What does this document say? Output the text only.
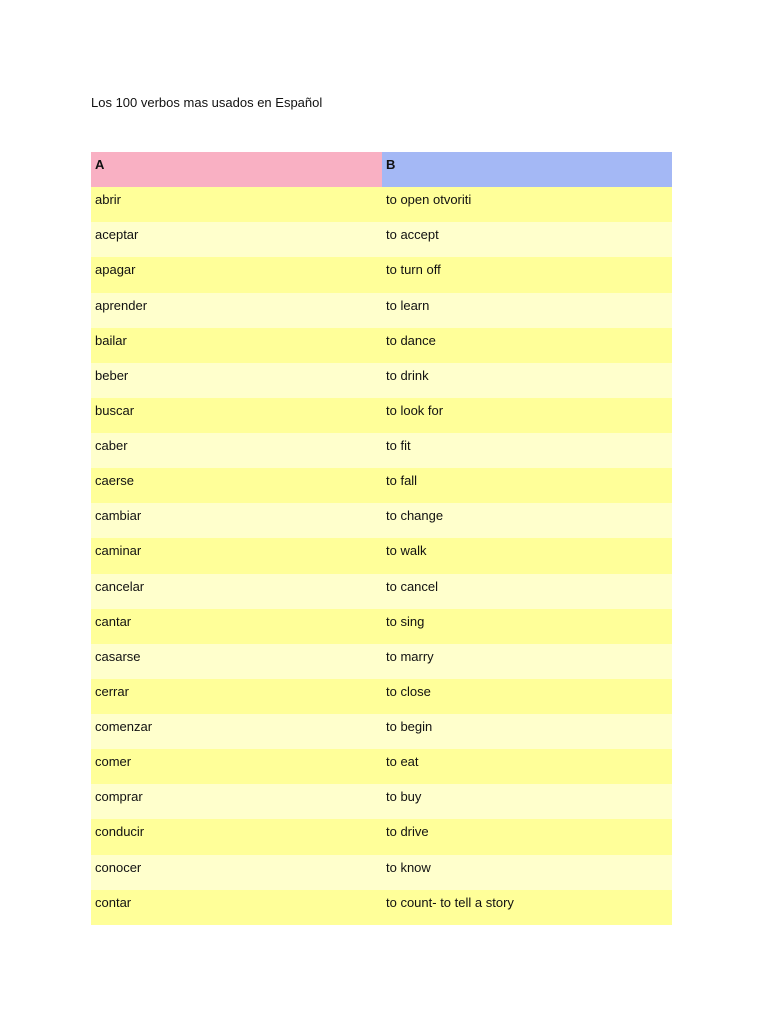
Los 100 verbos mas usados en Español
A	B
abrir	to open otvoriti
aceptar	to accept
apagar	to turn off
aprender	to learn
bailar	to dance
beber	to drink
buscar	to look for
caber	to fit
caerse	to fall
cambiar	to change
caminar	to walk
cancelar	to cancel
cantar	to sing
casarse	to marry
cerrar	to close
comenzar	to begin
comer	to eat
comprar	to buy
conducir	to drive
conocer	to know
contar	to count- to tell a story
